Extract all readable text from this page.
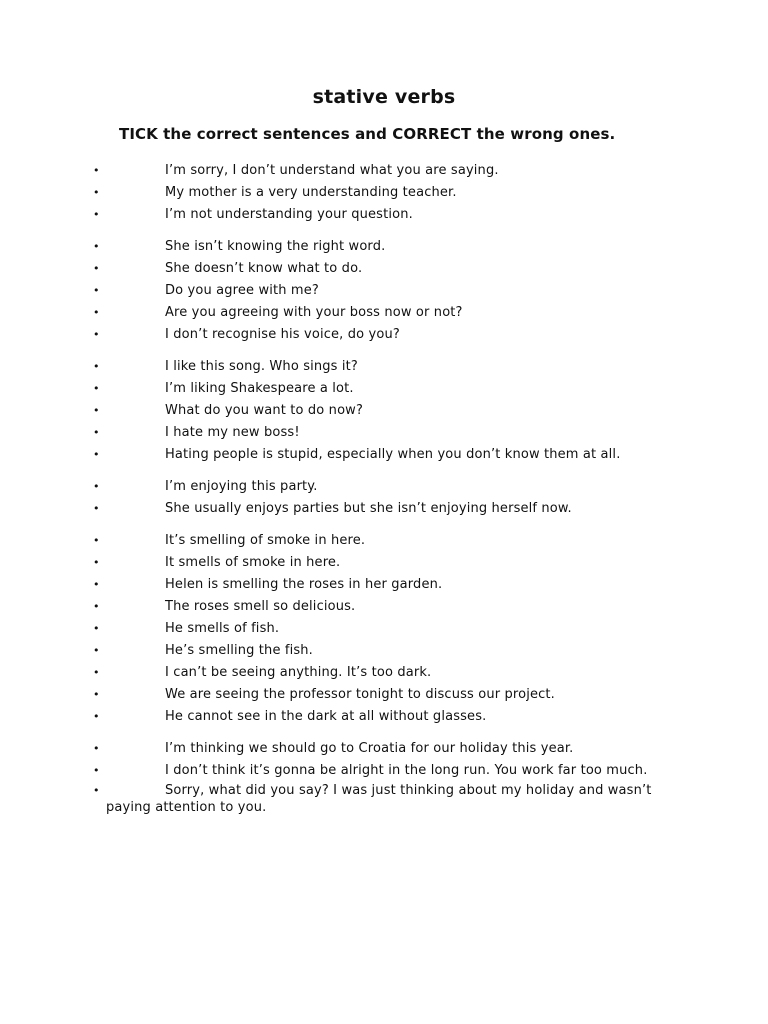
stative verbs
TICK the correct sentences and CORRECT the wrong ones.
•	I’m sorry, I don’t understand what you are saying.
•	My mother is a very understanding teacher.
•	I’m not understanding your question.
•	She isn’t knowing the right word.
•	She doesn’t know what to do.
•	Do you agree with me?
•	Are you agreeing with your boss now or not?
•	I don’t recognise his voice, do you?
•	I like this song. Who sings it?
•	I’m liking Shakespeare a lot.
•	What do you want to do now?
•	I hate my new boss!
•	Hating people is stupid, especially when you don’t know them at all.
•	I’m enjoying this party.
•	She usually enjoys parties but she isn’t enjoying herself now.
•	It’s smelling of smoke in here.
•	It smells of smoke in here.
•	Helen is smelling the roses in her garden.
•	The roses smell so delicious.
•	He smells of fish.
•	He’s smelling the fish.
•	I can’t be seeing anything. It’s too dark.
•	We are seeing the professor tonight to discuss our project.
•	He cannot see in the dark at all without glasses.
•	I’m thinking we should go to Croatia for our holiday this year.
•	I don’t think it’s gonna be alright in the long run. You work far too much.
•	Sorry, what did you say? I was just thinking about my holiday and wasn’t paying attention to you.
